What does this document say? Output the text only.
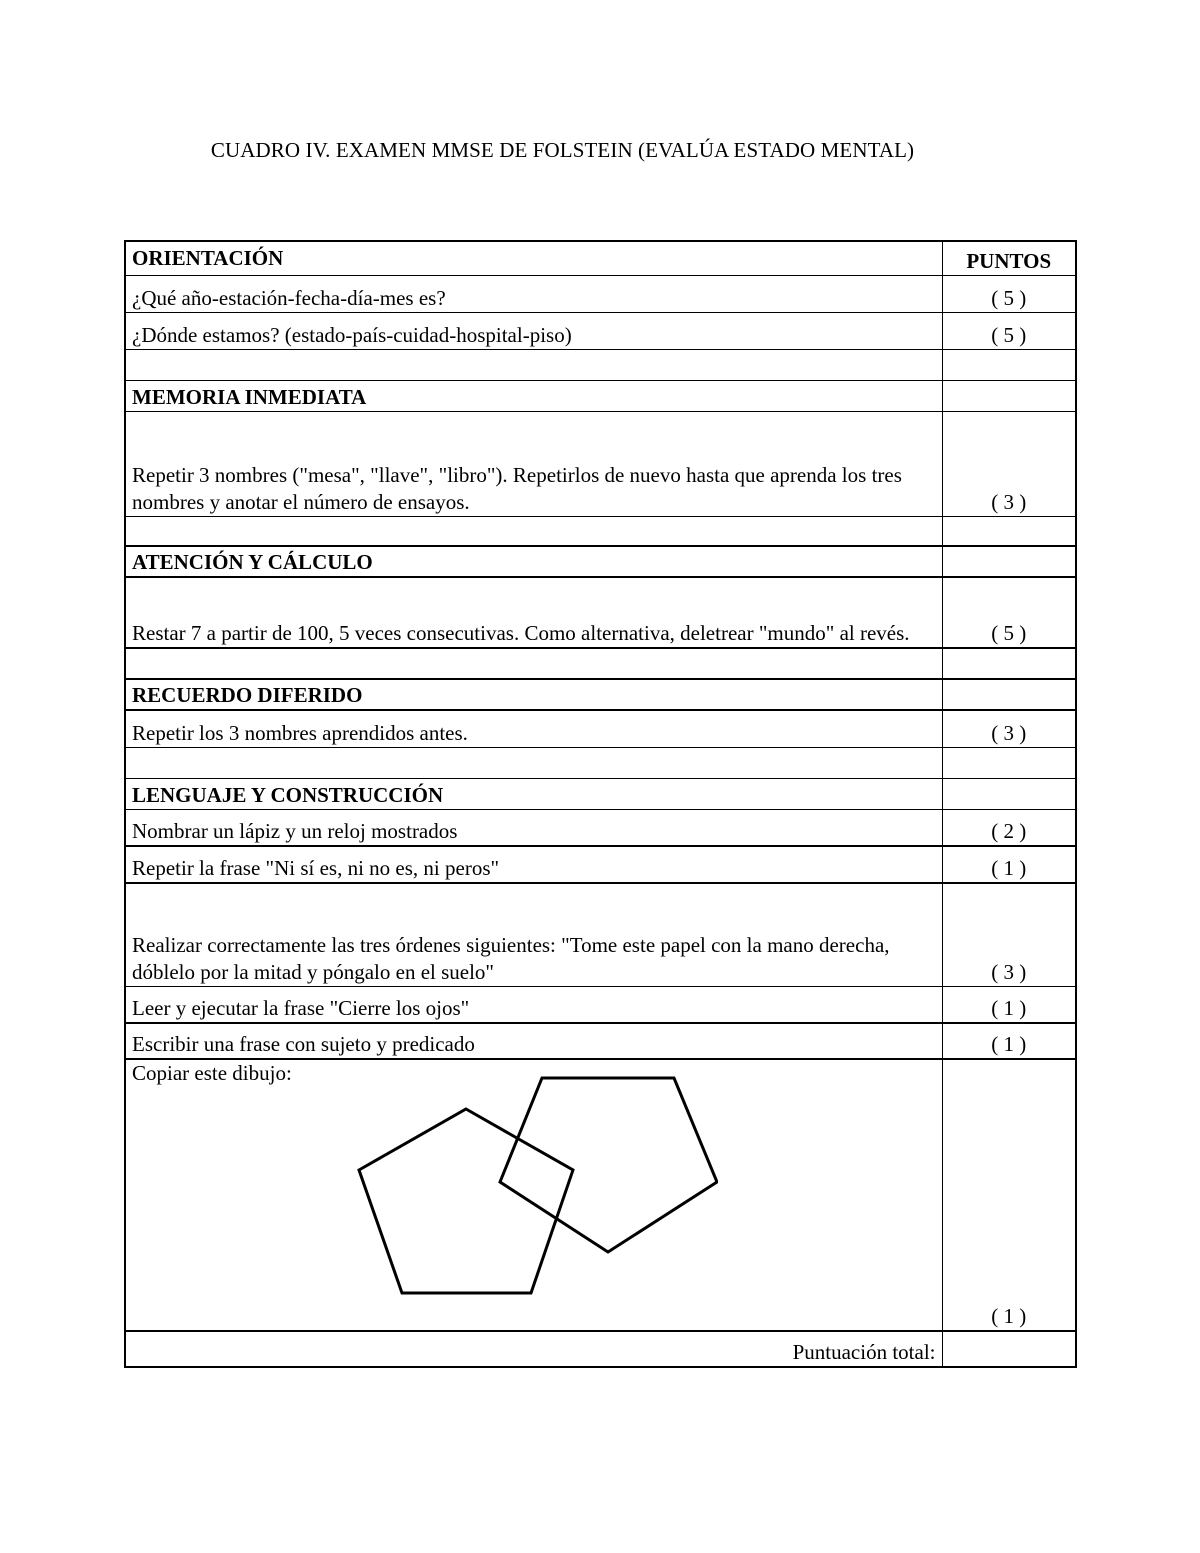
CUADRO IV. EXAMEN MMSE DE FOLSTEIN (EVALÚA ESTADO MENTAL)
ORIENTACIÓN	PUNTOS
¿Qué año-estación-fecha-día-mes es?	( 5 )
¿Dónde estamos? (estado-país-cuidad-hospital-piso)	( 5 )

MEMORIA INMEDIATA	
Repetir 3 nombres ("mesa", "llave", "libro"). Repetirlos de nuevo hasta que aprenda los tres nombres y anotar el número de ensayos.	( 3 )

ATENCIÓN Y CÁLCULO	
Restar 7 a partir de 100, 5 veces consecutivas. Como alternativa, deletrear "mundo" al revés.	( 5 )

RECUERDO DIFERIDO	
Repetir los 3 nombres aprendidos antes.	( 3 )

LENGUAJE Y CONSTRUCCIÓN	
Nombrar un lápiz y un reloj mostrados	( 2 )
Repetir la frase "Ni sí es, ni no es, ni peros"	( 1 )
Realizar correctamente las tres órdenes siguientes: "Tome este papel con la mano derecha, dóblelo por la mitad y póngalo en el suelo"	( 3 )
Leer y ejecutar la frase "Cierre los ojos"	( 1 )
Escribir una frase con sujeto y predicado	( 1 )

Copiar este dibujo:	( 1 )
Puntuación total:	
